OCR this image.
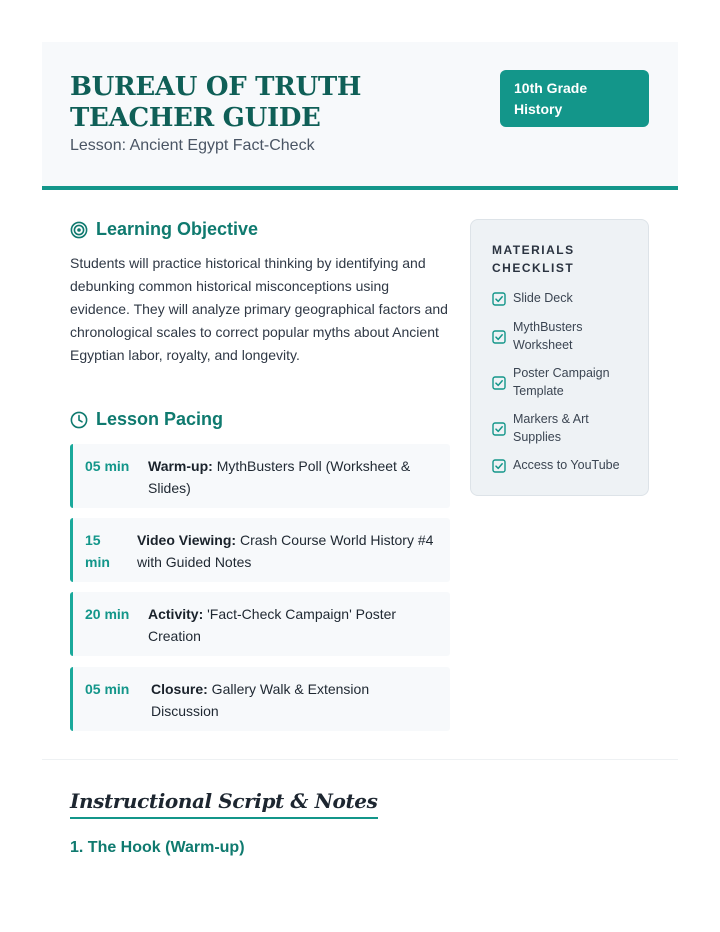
BUREAU OF TRUTH TEACHER GUIDE
Lesson: Ancient Egypt Fact-Check
10th Grade History
Learning Objective
Students will practice historical thinking by identifying and debunking common historical misconceptions using evidence. They will analyze primary geographical factors and chronological scales to correct popular myths about Ancient Egyptian labor, royalty, and longevity.
Lesson Pacing
05 min Warm-up: MythBusters Poll (Worksheet & Slides)
15 min
Video Viewing: Crash Course World History #4 with Guided Notes
20 min Activity: 'Fact-Check Campaign' Poster Creation
05 min Closure: Gallery Walk & Extension Discussion
MATERIALS CHECKLIST
Slide Deck
MythBusters Worksheet
Poster Campaign Template
Markers & Art Supplies
Access to YouTube
Instructional Script & Notes
1. The Hook (Warm-up)
